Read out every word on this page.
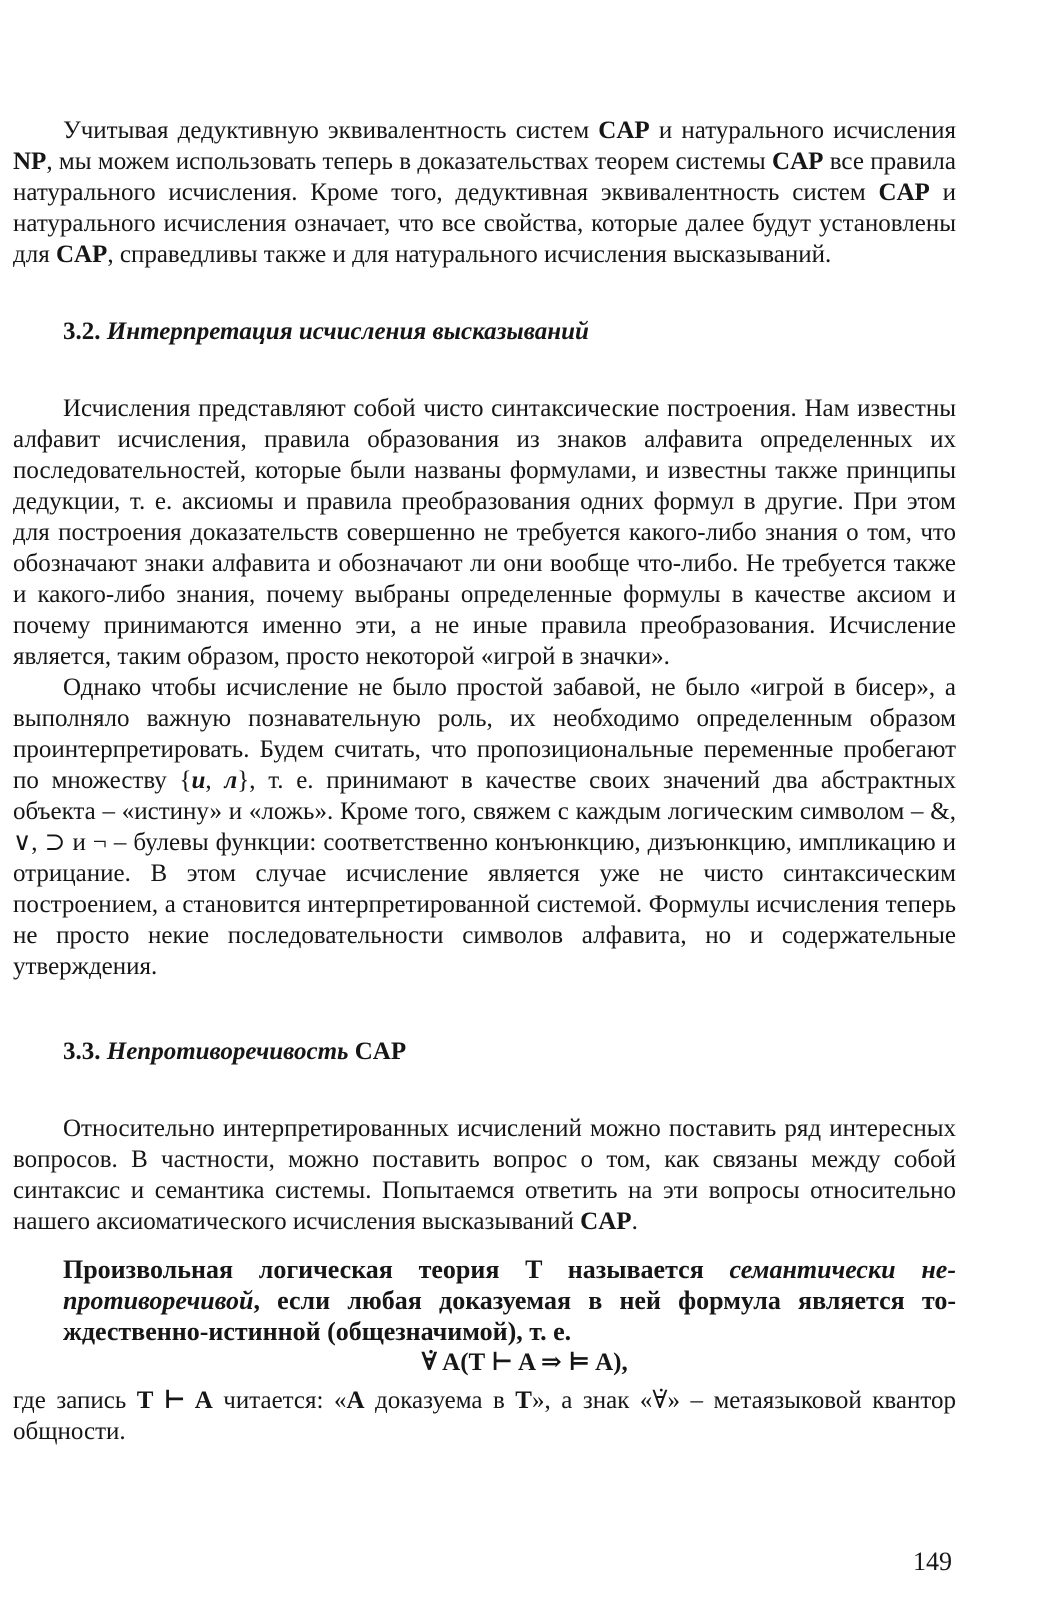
Учитывая дедуктивную эквивалентность систем CAP и натурального исчисления NP, мы можем использовать теперь в доказательствах теорем системы CAP все правила натурального исчисления. Кроме того, дедуктивная эквивалентность систем CAP и натурального исчисления означает, что все свойства, которые далее будут установлены для CAP, справедливы также и для натурального исчисления высказываний.

3.2. Интерпретация исчисления высказываний

Исчисления представляют собой чисто синтаксические построения. Нам известны алфавит исчисления, правила образования из знаков алфавита определенных их последовательностей, которые были названы формулами, и известны также принципы дедукции, т. е. аксиомы и правила преобразования одних формул в другие. При этом для построения доказательств совершенно не требуется какого-либо знания о том, что обозначают знаки алфавита и обозначают ли они вообще что-либо. Не требуется также и какого-либо знания, почему выбраны определенные формулы в качестве аксиом и почему принимаются именно эти, а не иные правила преобразования. Исчисление является, таким образом, просто некоторой «игрой в значки».

Однако чтобы исчисление не было простой забавой, не было «игрой в бисер», а выполняло важную познавательную роль, их необходимо определенным образом проинтерпретировать. Будем считать, что пропозициональные переменные пробегают по множеству {и, л}, т. е. принимают в качестве своих значений два абстрактных объекта – «истину» и «ложь». Кроме того, свяжем с каждым логическим символом – &, ∨, ⊃ и ¬ – булевы функции: соответственно конъюнкцию, дизъюнкцию, импликацию и отрицание. В этом случае исчисление является уже не чисто синтаксическим построением, а становится интерпретированной системой. Формулы исчисления теперь не просто некие последовательности символов алфавита, но и содержательные утверждения.

3.3. Непротиворечивость CAP

Относительно интерпретированных исчислений можно поставить ряд интересных вопросов. В частности, можно поставить вопрос о том, как связаны между собой синтаксис и семантика системы. Попытаемся ответить на эти вопросы относительно нашего аксиоматического исчисления высказываний CAP.

Произвольная логическая теория T называется семантически непротиворечивой, если любая доказуемая в ней формула является тождественно-истинной (общезначимой), т. е.
∀̇ A(T ⊢ A ⇒ ⊨ A),

где запись T ⊢ A читается: «A доказуема в T», а знак «∀̇» – метаязыковой квантор общности.

149
